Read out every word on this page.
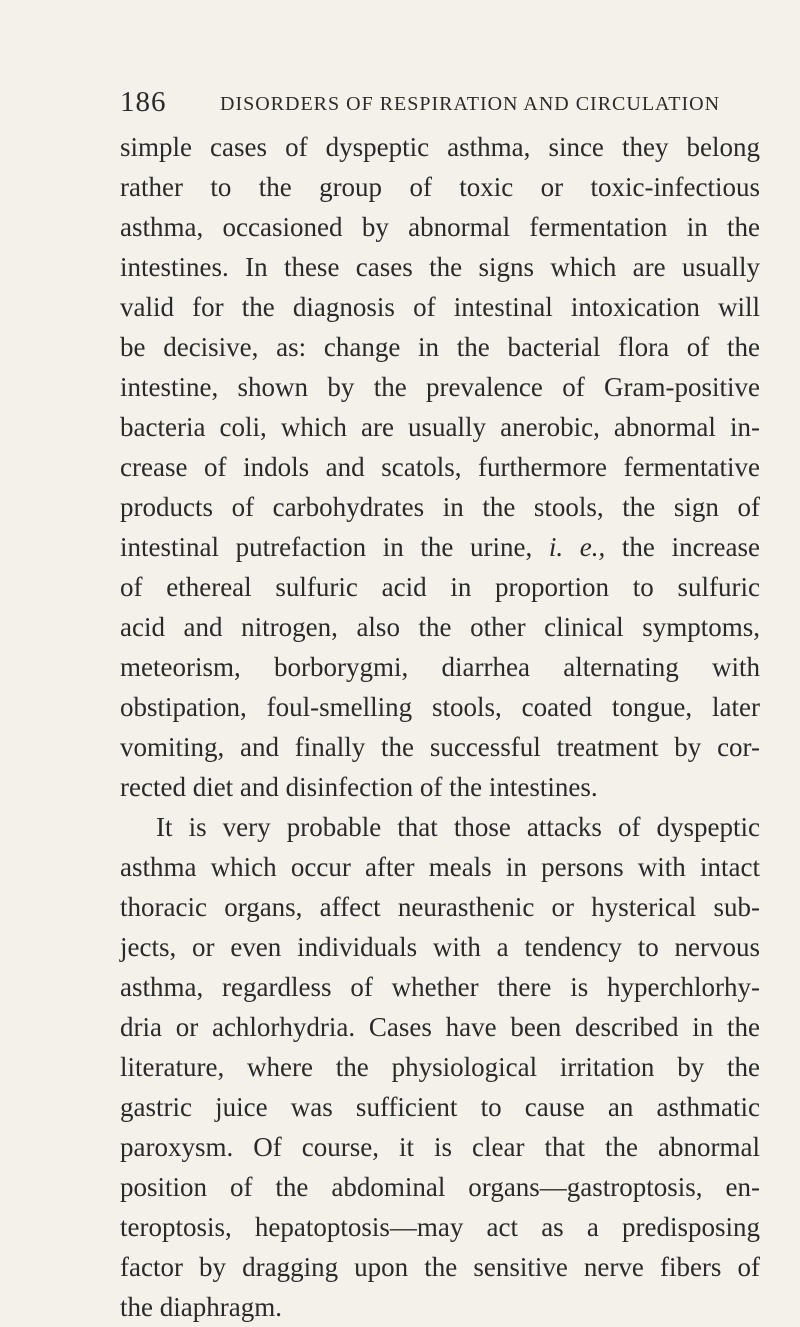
186	DISORDERS OF RESPIRATION AND CIRCULATION
simple cases of dyspeptic asthma, since they belong
rather to the group of toxic or toxic-infectious
asthma, occasioned by abnormal fermentation in the
intestines. In these cases the signs which are usually
valid for the diagnosis of intestinal intoxication will
be decisive, as: change in the bacterial flora of the
intestine, shown by the prevalence of Gram-positive
bacteria coli, which are usually anerobic, abnormal in-
crease of indols and scatols, furthermore fermentative
products of carbohydrates in the stools, the sign of
intestinal putrefaction in the urine, i. e., the increase
of ethereal sulfuric acid in proportion to sulfuric
acid and nitrogen, also the other clinical symptoms,
meteorism, borborygmi, diarrhea alternating with
obstipation, foul-smelling stools, coated tongue, later
vomiting, and finally the successful treatment by cor-
rected diet and disinfection of the intestines.
It is very probable that those attacks of dyspeptic
asthma which occur after meals in persons with intact
thoracic organs, affect neurasthenic or hysterical sub-
jects, or even individuals with a tendency to nervous
asthma, regardless of whether there is hyperchlorhy-
dria or achlorhydria. Cases have been described in the
literature, where the physiological irritation by the
gastric juice was sufficient to cause an asthmatic
paroxysm. Of course, it is clear that the abnormal
position of the abdominal organs—gastroptosis, en-
teroptosis, hepatoptosis—may act as a predisposing
factor by dragging upon the sensitive nerve fibers of
the diaphragm.
